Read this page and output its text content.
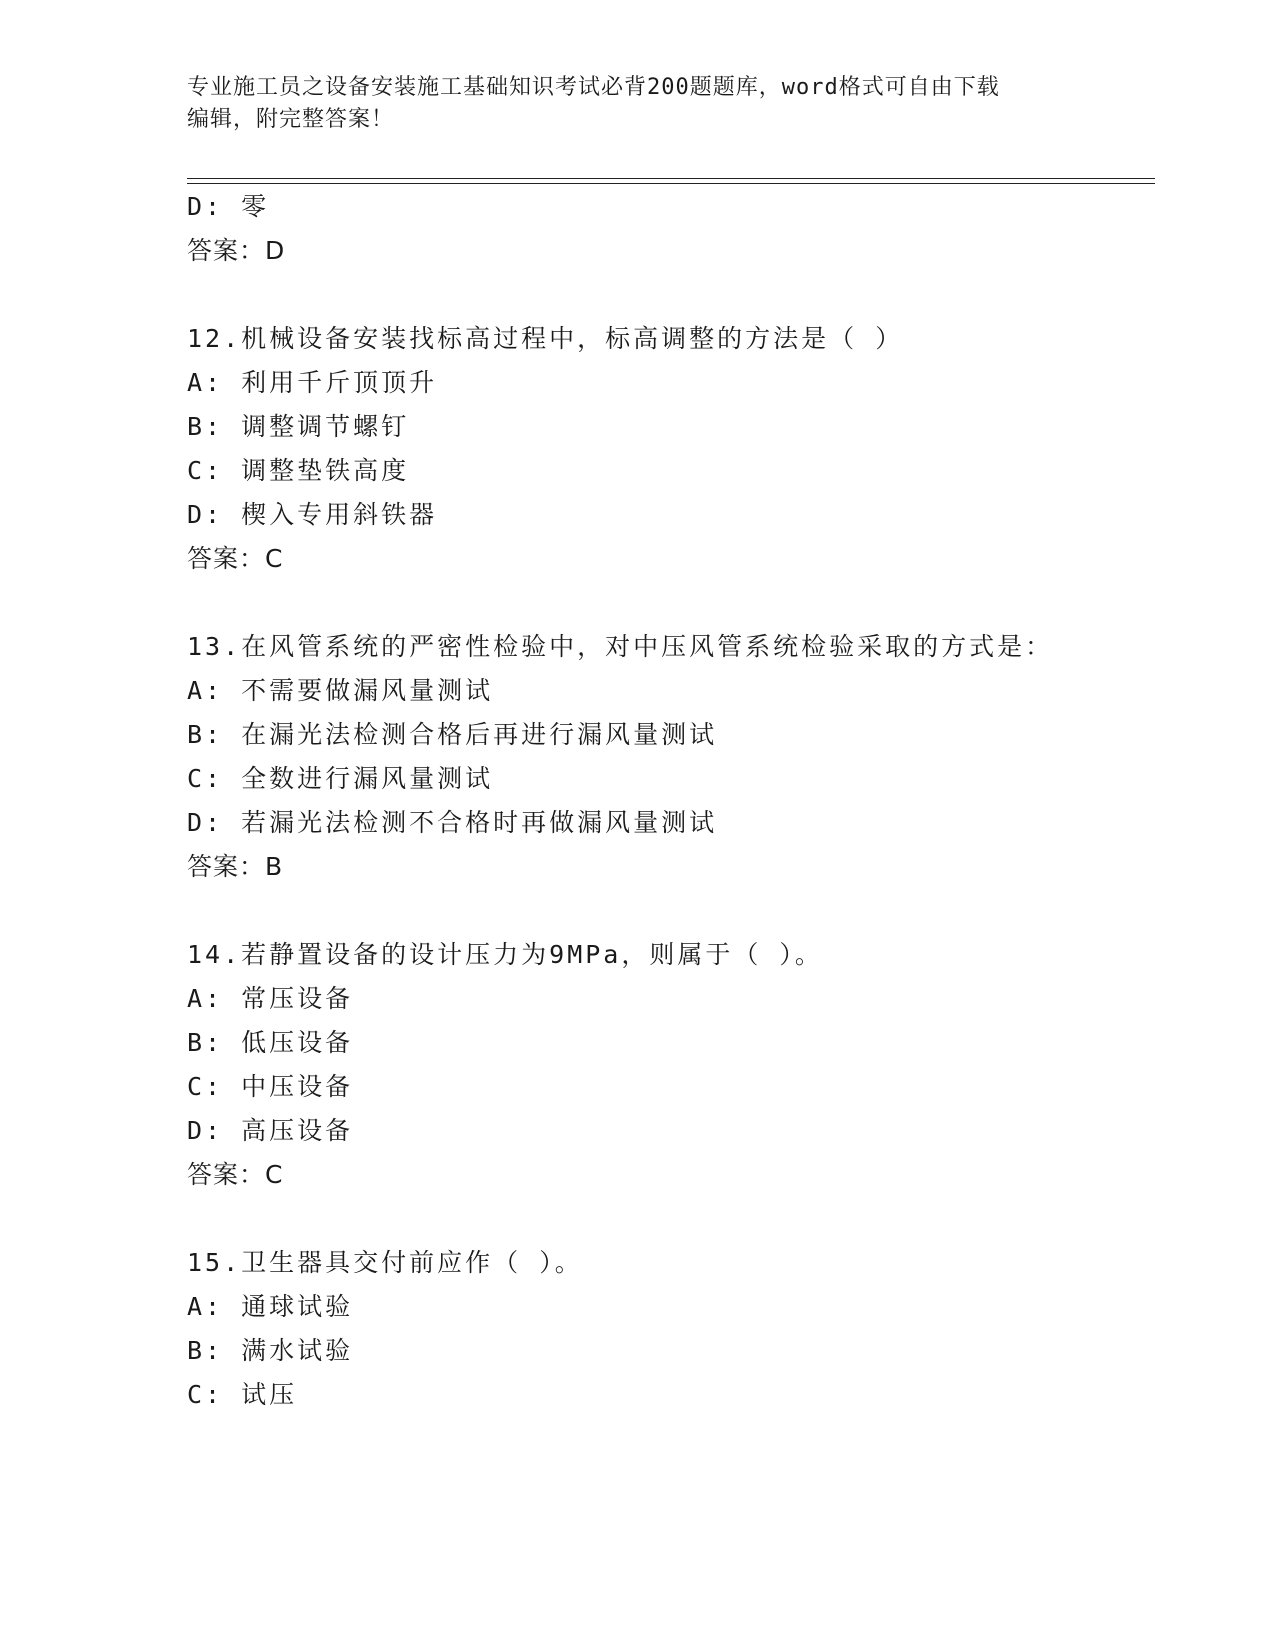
专业施工员之设备安装施工基础知识考试必背200题题库，word格式可自由下载
编辑，附完整答案！
D: 零
答案：D
12.机械设备安装找标高过程中，标高调整的方法是（ ）
A: 利用千斤顶顶升
B: 调整调节螺钉
C: 调整垫铁高度
D: 楔入专用斜铁器
答案：C
13.在风管系统的严密性检验中，对中压风管系统检验采取的方式是：
A: 不需要做漏风量测试
B: 在漏光法检测合格后再进行漏风量测试
C: 全数进行漏风量测试
D: 若漏光法检测不合格时再做漏风量测试
答案：B
14.若静置设备的设计压力为9MPa，则属于（ ）。
A: 常压设备
B: 低压设备
C: 中压设备
D: 高压设备
答案：C
15.卫生器具交付前应作（ ）。
A: 通球试验
B: 满水试验
C: 试压
